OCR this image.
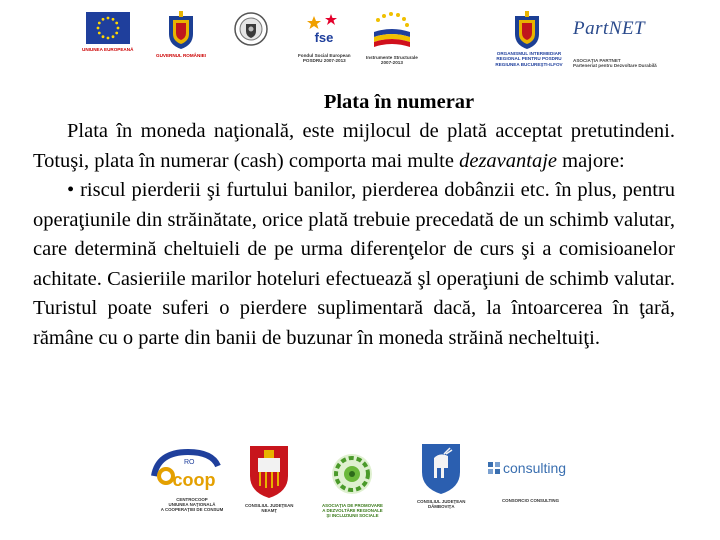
UNIUNEA EUROPEANĂ
GUVERNUL ROMÂNIEI
fse
Fondul Social European
POSDRU 2007-2013
Instrumente Structurale
2007-2013
ORGANISMUL INTERMEDIAR
REGIONAL PENTRU POSDRU
REGIUNEA BUCUREŞTI-ILFOV
PartNET
ASOCIAȚIA PARTNET
Parteneriat pentru Dezvoltare Durabilă
Plata în numerar

Plata în moneda naţională, este mijlocul de plată acceptat pretutindeni. Totuşi, plata în numerar (cash) comporta mai multe dezavantaje majore:

• riscul pierderii şi furtului banilor, pierderea dobânzii etc. în plus, pentru operaţiunile din străinătate, orice plată trebuie precedată de un schimb valutar, care determină cheltuieli de pe urma diferenţelor de curs şi a comisioanelor achitate. Casieriile marilor hoteluri efectuează şl operaţiuni de schimb valutar. Turistul poate suferi o pierdere suplimentară dacă, la întoarcerea în ţară, rămâne cu o parte din banii de buzunar în moneda străină necheltuiţi.

coop
RO
CENTROCOOP
UNIUNEA NAŢIONALĂ
A COOPERAŢIEI DE CONSUM
CONSILIUL JUDEŢEAN
NEAMŢ
ASOCIAŢIA DE PROMOVARE
A DEZVOLTĂRII REGIONALE
ŞI INCLUZIUNII SOCIALE
CONSILIUL JUDEŢEAN
DÂMBOVIŢA
consulting
CONSORCIO CONSULTING
